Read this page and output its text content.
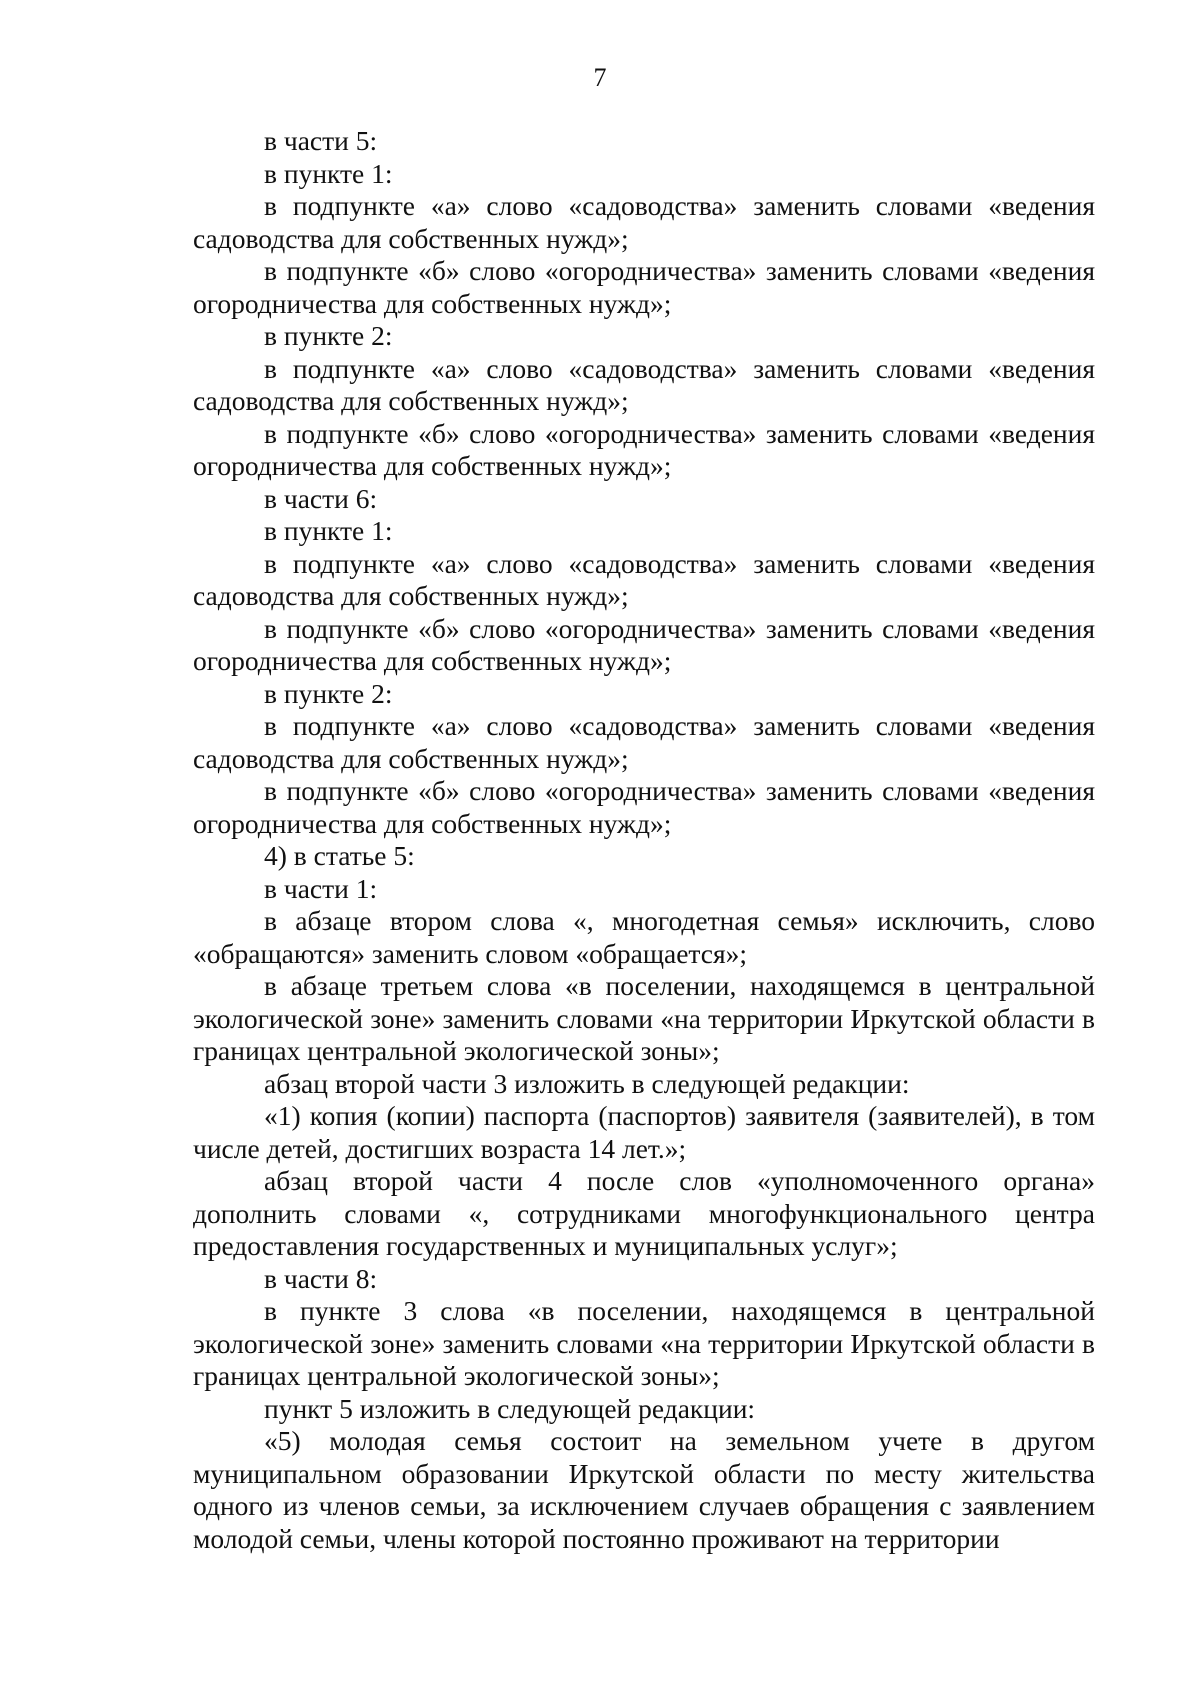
7

в части 5:

в пункте 1:

в подпункте «а» слово «садоводства» заменить словами «ведения садоводства для собственных нужд»;

в подпункте «б» слово «огородничества» заменить словами «ведения огородничества для собственных нужд»;

в пункте 2:

в подпункте «а» слово «садоводства» заменить словами «ведения садоводства для собственных нужд»;

в подпункте «б» слово «огородничества» заменить словами «ведения огородничества для собственных нужд»;

в части 6:

в пункте 1:

в подпункте «а» слово «садоводства» заменить словами «ведения садоводства для собственных нужд»;

в подпункте «б» слово «огородничества» заменить словами «ведения огородничества для собственных нужд»;

в пункте 2:

в подпункте «а» слово «садоводства» заменить словами «ведения садоводства для собственных нужд»;

в подпункте «б» слово «огородничества» заменить словами «ведения огородничества для собственных нужд»;

4) в статье 5:

в части 1:

в абзаце втором слова «, многодетная семья» исключить, слово «обращаются» заменить словом «обращается»;

в абзаце третьем слова «в поселении, находящемся в центральной экологической зоне» заменить словами «на территории Иркутской области в границах центральной экологической зоны»;

абзац второй части 3 изложить в следующей редакции:

«1) копия (копии) паспорта (паспортов) заявителя (заявителей), в том числе детей, достигших возраста 14 лет.»;

абзац второй части 4 после слов «уполномоченного органа» дополнить словами «, сотрудниками многофункционального центра предоставления государственных и муниципальных услуг»;

в части 8:

в пункте 3 слова «в поселении, находящемся в центральной экологической зоне» заменить словами «на территории Иркутской области в границах центральной экологической зоны»;

пункт 5 изложить в следующей редакции:

«5) молодая семья состоит на земельном учете в другом муниципальном образовании Иркутской области по месту жительства одного из членов семьи, за исключением случаев обращения с заявлением молодой семьи, члены которой постоянно проживают на территории
